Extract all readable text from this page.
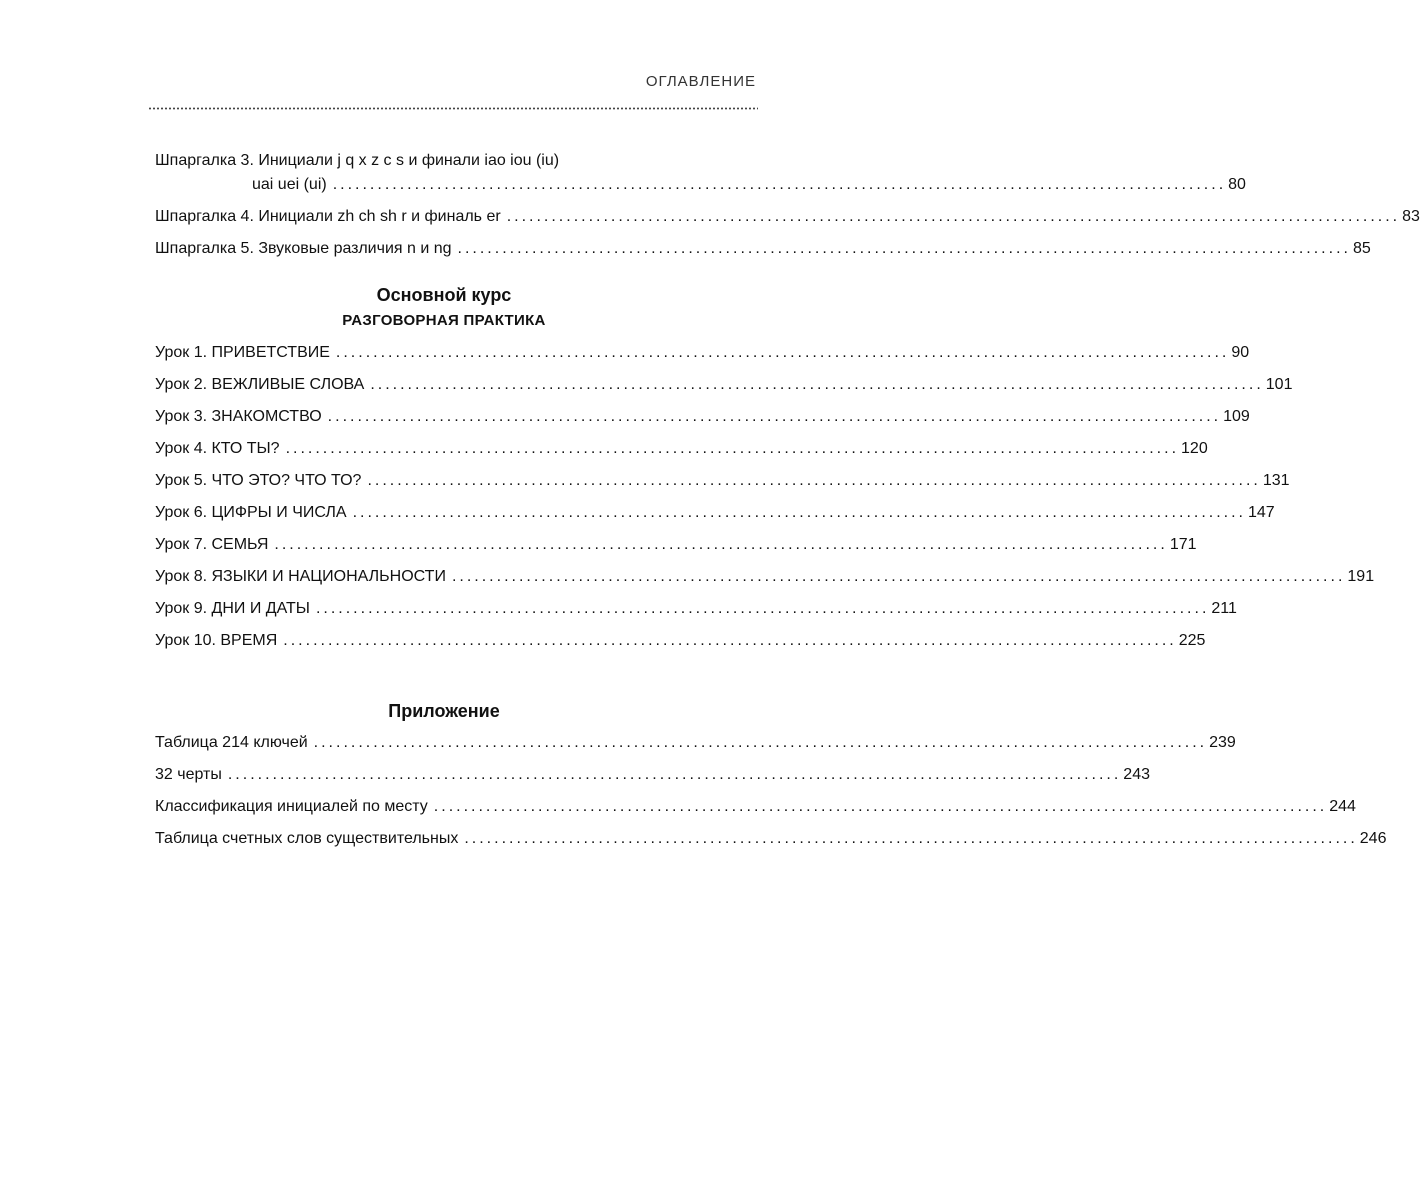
ОГЛАВЛЕНИЕ
Шпаргалка 3. Инициали j q x z c s и финали iao iou (iu)
uai uei (ui) ........................................................................................................................ 80
Шпаргалка 4. Инициали zh ch sh r и финаль er ........................................................................................................................ 83
Шпаргалка 5. Звуковые различия n и ng ........................................................................................................................ 85
Основной курс
РАЗГОВОРНАЯ ПРАКТИКА
Урок 1. ПРИВЕТСТВИЕ ........................................................................................................................ 90
Урок 2. ВЕЖЛИВЫЕ СЛОВА ........................................................................................................................ 101
Урок 3. ЗНАКОМСТВО ........................................................................................................................ 109
Урок 4. КТО ТЫ? ........................................................................................................................ 120
Урок 5. ЧТО ЭТО? ЧТО ТО? ........................................................................................................................ 131
Урок 6. ЦИФРЫ И ЧИСЛА ........................................................................................................................ 147
Урок 7. СЕМЬЯ ........................................................................................................................ 171
Урок 8. ЯЗЫКИ И НАЦИОНАЛЬНОСТИ ........................................................................................................................ 191
Урок 9. ДНИ И ДАТЫ ........................................................................................................................ 211
Урок 10. ВРЕМЯ ........................................................................................................................ 225
Приложение
Таблица 214 ключей ........................................................................................................................ 239
32 черты ........................................................................................................................ 243
Классификация инициалей по месту ........................................................................................................................ 244
Таблица счетных слов существительных ........................................................................................................................ 246
